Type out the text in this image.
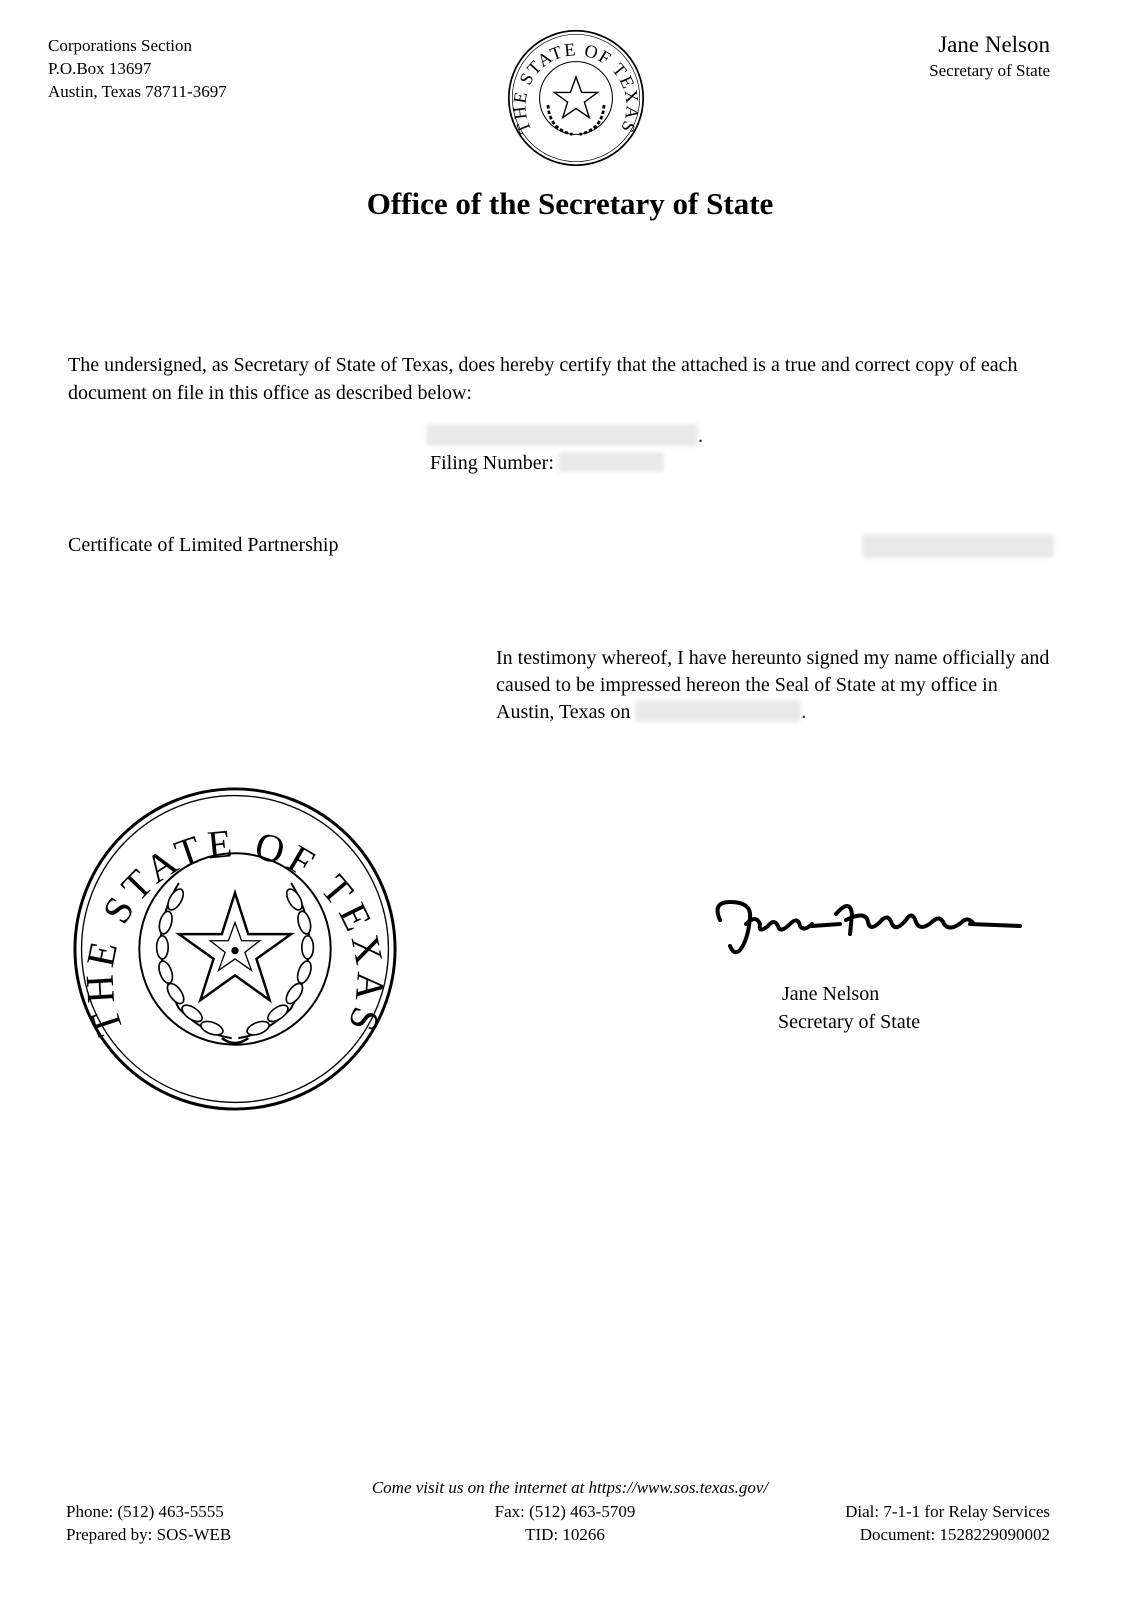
Corporations Section
P.O.Box 13697
Austin, Texas 78711-3697
THE STATE OF TEXAS
Jane Nelson
Secretary of State
Office of the Secretary of State
The undersigned, as Secretary of State of Texas, does hereby certify that the attached is a true and correct copy of each document on file in this office as described below:
.
Filing Number:
Certificate of Limited Partnership
In testimony whereof, I have hereunto signed my name officially and caused to be impressed hereon the Seal of State at my office in Austin, Texas on	.
THE STATE OF TEXAS
Jane Nelson
Secretary of State
Come visit us on the internet at https://www.sos.texas.gov/
Phone: (512) 463-5555
Prepared by: SOS-WEB
Fax: (512) 463-5709
TID: 10266
Dial: 7-1-1 for Relay Services
Document: 1528229090002
